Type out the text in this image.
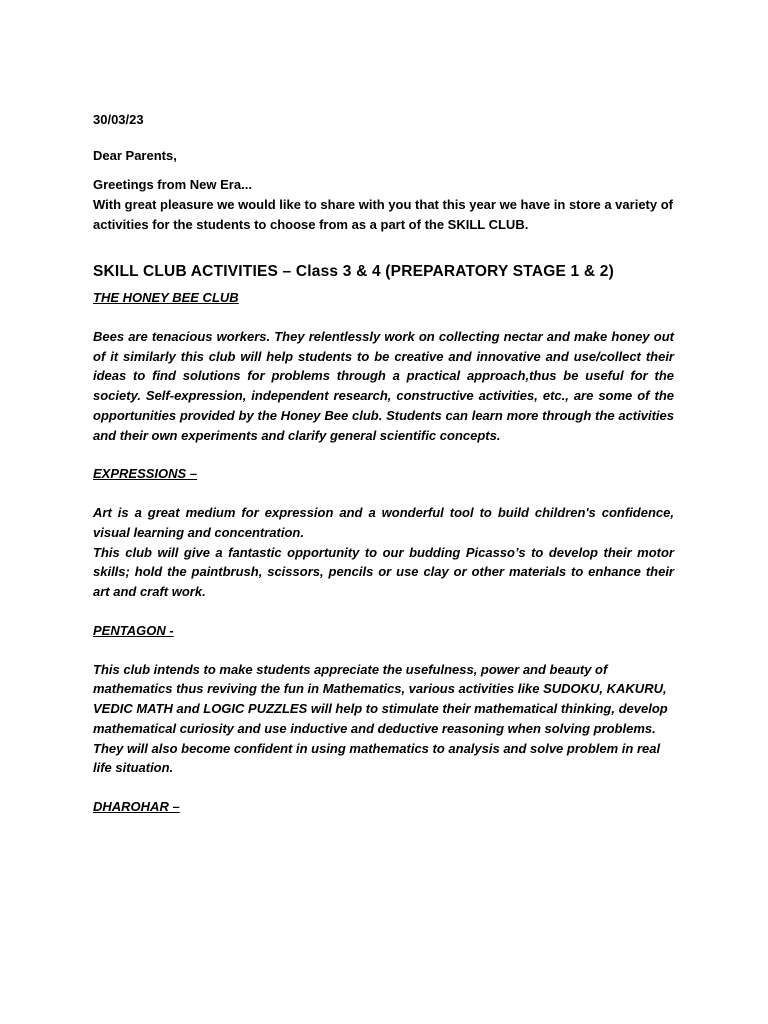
30/03/23

Dear Parents,

Greetings from New Era...
With great pleasure we would like to share with you that this year we have in store a variety of activities for the students to choose from as a part of the SKILL CLUB.

SKILL CLUB ACTIVITIES – Class 3 & 4 (PREPARATORY STAGE 1 & 2)

THE HONEY BEE CLUB

Bees are tenacious workers. They relentlessly work on collecting nectar and make honey out of it similarly this club will help students to be creative and innovative and use/collect their ideas to find solutions for problems through a practical approach,thus be useful for the society. Self-expression, independent research, constructive activities, etc., are some of the opportunities provided by the Honey Bee club. Students can learn more through the activities and their own experiments and clarify general scientific concepts.

EXPRESSIONS –

Art is a great medium for expression and a wonderful tool to build children's confidence, visual learning and concentration.
This club will give a fantastic opportunity to our budding Picasso’s to develop their motor skills; hold the paintbrush, scissors, pencils or use clay or other materials to enhance their art and craft work.

PENTAGON -

This club intends to make students appreciate the usefulness, power and beauty of mathematics thus reviving the fun in Mathematics, various activities like SUDOKU, KAKURU, VEDIC MATH and LOGIC PUZZLES will help to stimulate their mathematical thinking, develop mathematical curiosity and use inductive and deductive reasoning when solving problems. They will also become confident in using mathematics to analysis and solve problem in real life situation.

DHAROHAR –
